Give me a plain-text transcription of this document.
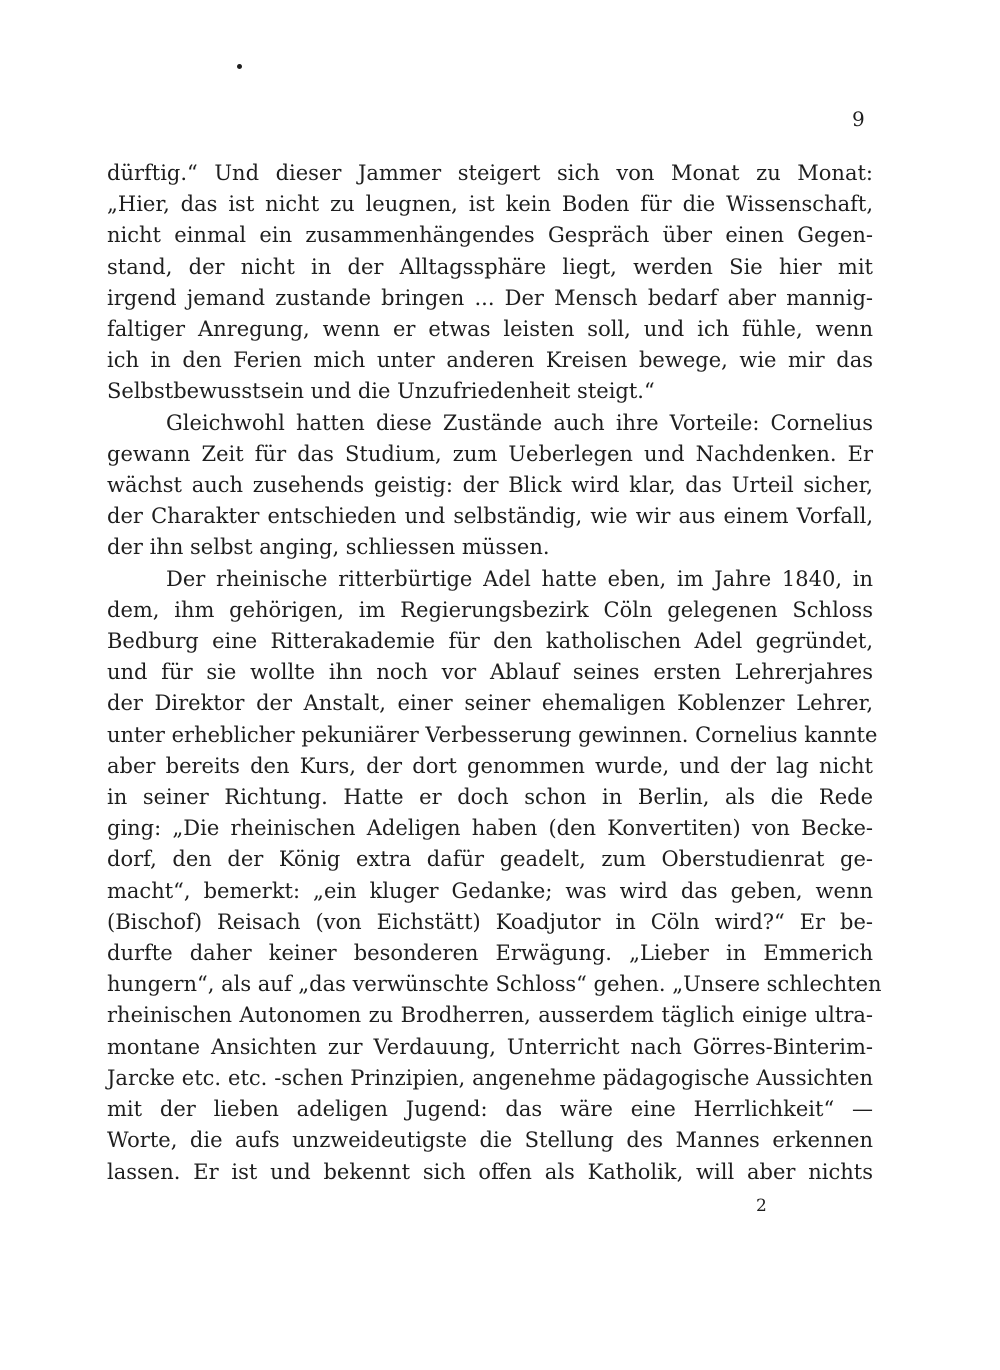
9
dürftig.“ Und dieser Jammer steigert sich von Monat zu Monat:
„Hier, das ist nicht zu leugnen, ist kein Boden für die Wissenschaft,
nicht einmal ein zusammenhängendes Gespräch über einen Gegen-
stand, der nicht in der Alltagssphäre liegt, werden Sie hier mit
irgend jemand zustande bringen ... Der Mensch bedarf aber mannig-
faltiger Anregung, wenn er etwas leisten soll, und ich fühle, wenn
ich in den Ferien mich unter anderen Kreisen bewege, wie mir das
Selbstbewusstsein und die Unzufriedenheit steigt.“
Gleichwohl hatten diese Zustände auch ihre Vorteile: Cornelius
gewann Zeit für das Studium, zum Ueberlegen und Nachdenken. Er
wächst auch zusehends geistig: der Blick wird klar, das Urteil sicher,
der Charakter entschieden und selbständig, wie wir aus einem Vorfall,
der ihn selbst anging, schliessen müssen.
Der rheinische ritterbürtige Adel hatte eben, im Jahre 1840, in
dem, ihm gehörigen, im Regierungsbezirk Cöln gelegenen Schloss
Bedburg eine Ritterakademie für den katholischen Adel gegründet,
und für sie wollte ihn noch vor Ablauf seines ersten Lehrerjahres
der Direktor der Anstalt, einer seiner ehemaligen Koblenzer Lehrer,
unter erheblicher pekuniärer Verbesserung gewinnen. Cornelius kannte
aber bereits den Kurs, der dort genommen wurde, und der lag nicht
in seiner Richtung. Hatte er doch schon in Berlin, als die Rede
ging: „Die rheinischen Adeligen haben (den Konvertiten) von Becke-
dorf, den der König extra dafür geadelt, zum Oberstudienrat ge-
macht“, bemerkt: „ein kluger Gedanke; was wird das geben, wenn
(Bischof) Reisach (von Eichstätt) Koadjutor in Cöln wird?“ Er be-
durfte daher keiner besonderen Erwägung. „Lieber in Emmerich
hungern“, als auf „das verwünschte Schloss“ gehen. „Unsere schlechten
rheinischen Autonomen zu Brodherren, ausserdem täglich einige ultra-
montane Ansichten zur Verdauung, Unterricht nach Görres-Binterim-
Jarcke etc. etc. -schen Prinzipien, angenehme pädagogische Aussichten
mit der lieben adeligen Jugend: das wäre eine Herrlichkeit“ —
Worte, die aufs unzweideutigste die Stellung des Mannes erkennen
lassen. Er ist und bekennt sich offen als Katholik, will aber nichts
2
